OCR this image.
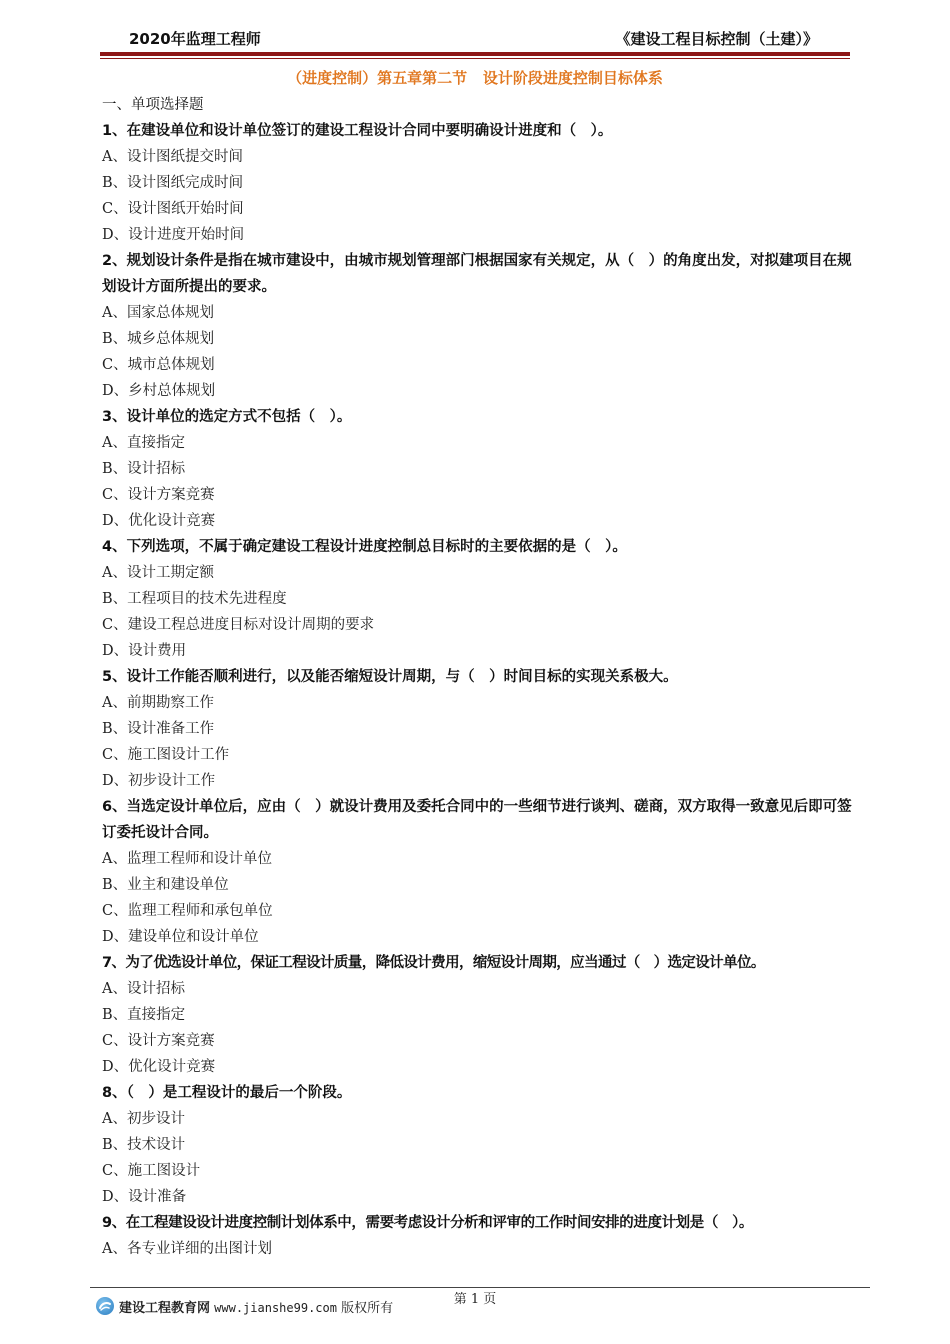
2020年监理工程师	《建设工程目标控制（土建）》
（进度控制）第五章第二节 设计阶段进度控制目标体系
一、单项选择题
1、在建设单位和设计单位签订的建设工程设计合同中要明确设计进度和（　）。
A、设计图纸提交时间
B、设计图纸完成时间
C、设计图纸开始时间
D、设计进度开始时间
2、规划设计条件是指在城市建设中，由城市规划管理部门根据国家有关规定，从（　）的角度出发，对拟建项目在规划设计方面所提出的要求。
A、国家总体规划
B、城乡总体规划
C、城市总体规划
D、乡村总体规划
3、设计单位的选定方式不包括（　）。
A、直接指定
B、设计招标
C、设计方案竞赛
D、优化设计竞赛
4、下列选项，不属于确定建设工程设计进度控制总目标时的主要依据的是（　）。
A、设计工期定额
B、工程项目的技术先进程度
C、建设工程总进度目标对设计周期的要求
D、设计费用
5、设计工作能否顺利进行，以及能否缩短设计周期，与（　）时间目标的实现关系极大。
A、前期勘察工作
B、设计准备工作
C、施工图设计工作
D、初步设计工作
6、当选定设计单位后，应由（　）就设计费用及委托合同中的一些细节进行谈判、磋商，双方取得一致意见后即可签订委托设计合同。
A、监理工程师和设计单位
B、业主和建设单位
C、监理工程师和承包单位
D、建设单位和设计单位
7、为了优选设计单位，保证工程设计质量，降低设计费用，缩短设计周期，应当通过（　）选定设计单位。
A、设计招标
B、直接指定
C、设计方案竞赛
D、优化设计竞赛
8、（　）是工程设计的最后一个阶段。
A、初步设计
B、技术设计
C、施工图设计
D、设计准备
9、在工程建设设计进度控制计划体系中，需要考虑设计分析和评审的工作时间安排的进度计划是（　）。
A、各专业详细的出图计划
建设工程教育网 www.jianshe99.com 版权所有
第 1 页
